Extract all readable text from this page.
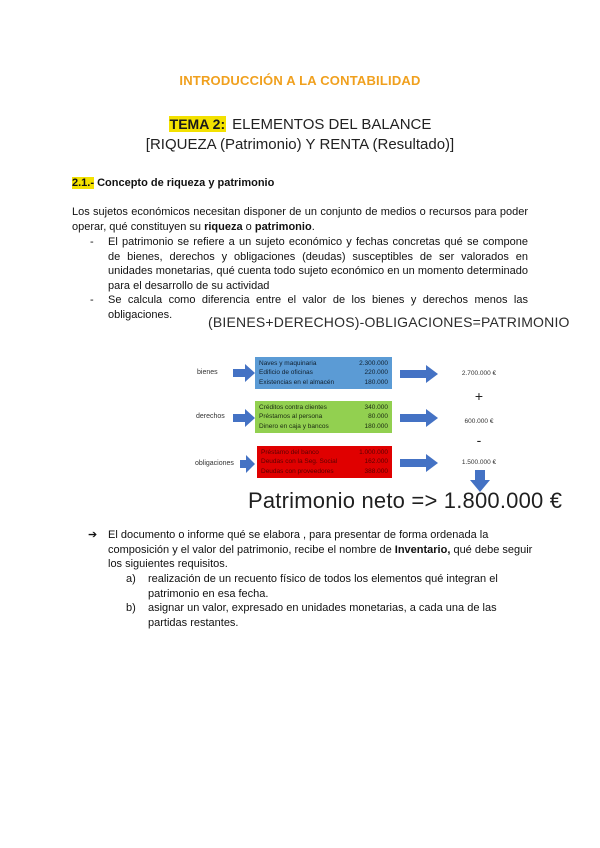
INTRODUCCIÓN A LA CONTABILIDAD
TEMA 2: ELEMENTOS DEL BALANCE
[RIQUEZA (Patrimonio) Y RENTA (Resultado)]
2.1.- Concepto de riqueza y patrimonio
Los sujetos económicos necesitan disponer de un conjunto de medios o recursos para poder operar, qué constituyen su riqueza o patrimonio.
-	El patrimonio se refiere a un sujeto económico y fechas concretas qué se compone de bienes, derechos y obligaciones (deudas) susceptibles de ser valorados en unidades monetarias, qué cuenta todo sujeto económico en un momento determinado para el desarrollo de su actividad
-	Se calcula como diferencia entre el valor de los bienes y derechos menos las obligaciones.	(BIENES+DERECHOS)-OBLIGACIONES=PATRIMONIO
bienes
Naves y maquinaria	2.300.000
Edificio de oficinas	220.000
Existencias en el almacén	180.000
2.700.000 €
+
derechos
Créditos contra clientes	340.000
Préstamos al persona	80.000
Dinero en caja y bancos	180.000
600.000 €
-
obligaciones
Préstamo del banco	1.000.000
Deudas con la Seg. Social	162.000
Deudas con proveedores	388.000
1.500.000 €
Patrimonio neto => 1.800.000 €
➔ El documento o informe qué se elabora , para presentar de forma ordenada la composición y el valor del patrimonio, recibe el nombre de Inventario, qué debe seguir los siguientes requisitos.
a)	realización de un recuento físico de todos los elementos qué integran el patrimonio en esa fecha.
b)	asignar un valor, expresado en unidades monetarias, a cada una de las partidas restantes.
